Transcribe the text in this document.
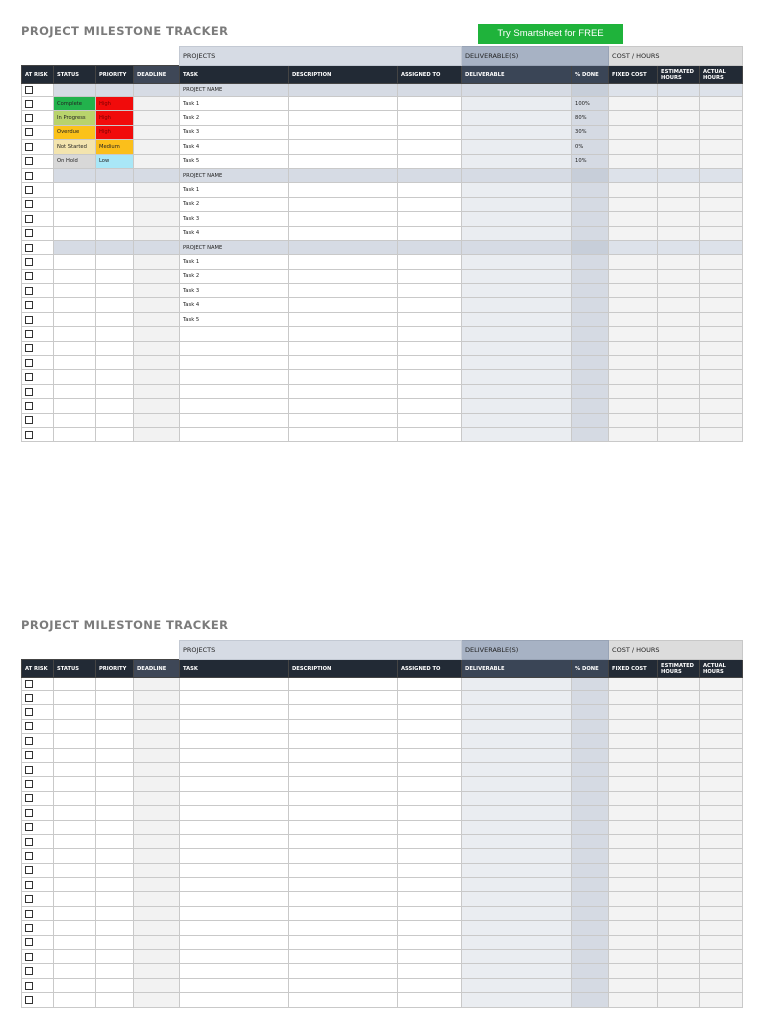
PROJECT MILESTONE TRACKER	Try Smartsheet for FREE
				PROJECTS			DELIVERABLE(S)		COST / HOURS		
AT RISK	STATUS	PRIORITY	DEADLINE	TASK	DESCRIPTION	ASSIGNED TO	DELIVERABLE	% DONE	FIXED COST	ESTIMATED HOURS	ACTUAL HOURS
				PROJECT NAME							
	Complete	High		Task 1				100%			
	In Progress	High		Task 2				80%			
	Overdue	High		Task 3				30%			
	Not Started	Medium		Task 4				0%			
	On Hold	Low		Task 5				10%			
				PROJECT NAME							
				Task 1							
				Task 2							
				Task 3							
				Task 4							
				PROJECT NAME							
				Task 1							
				Task 2							
				Task 3							
				Task 4							
				Task 5							

PROJECT MILESTONE TRACKER
				PROJECTS			DELIVERABLE(S)		COST / HOURS		
AT RISK	STATUS	PRIORITY	DEADLINE	TASK	DESCRIPTION	ASSIGNED TO	DELIVERABLE	% DONE	FIXED COST	ESTIMATED HOURS	ACTUAL HOURS
